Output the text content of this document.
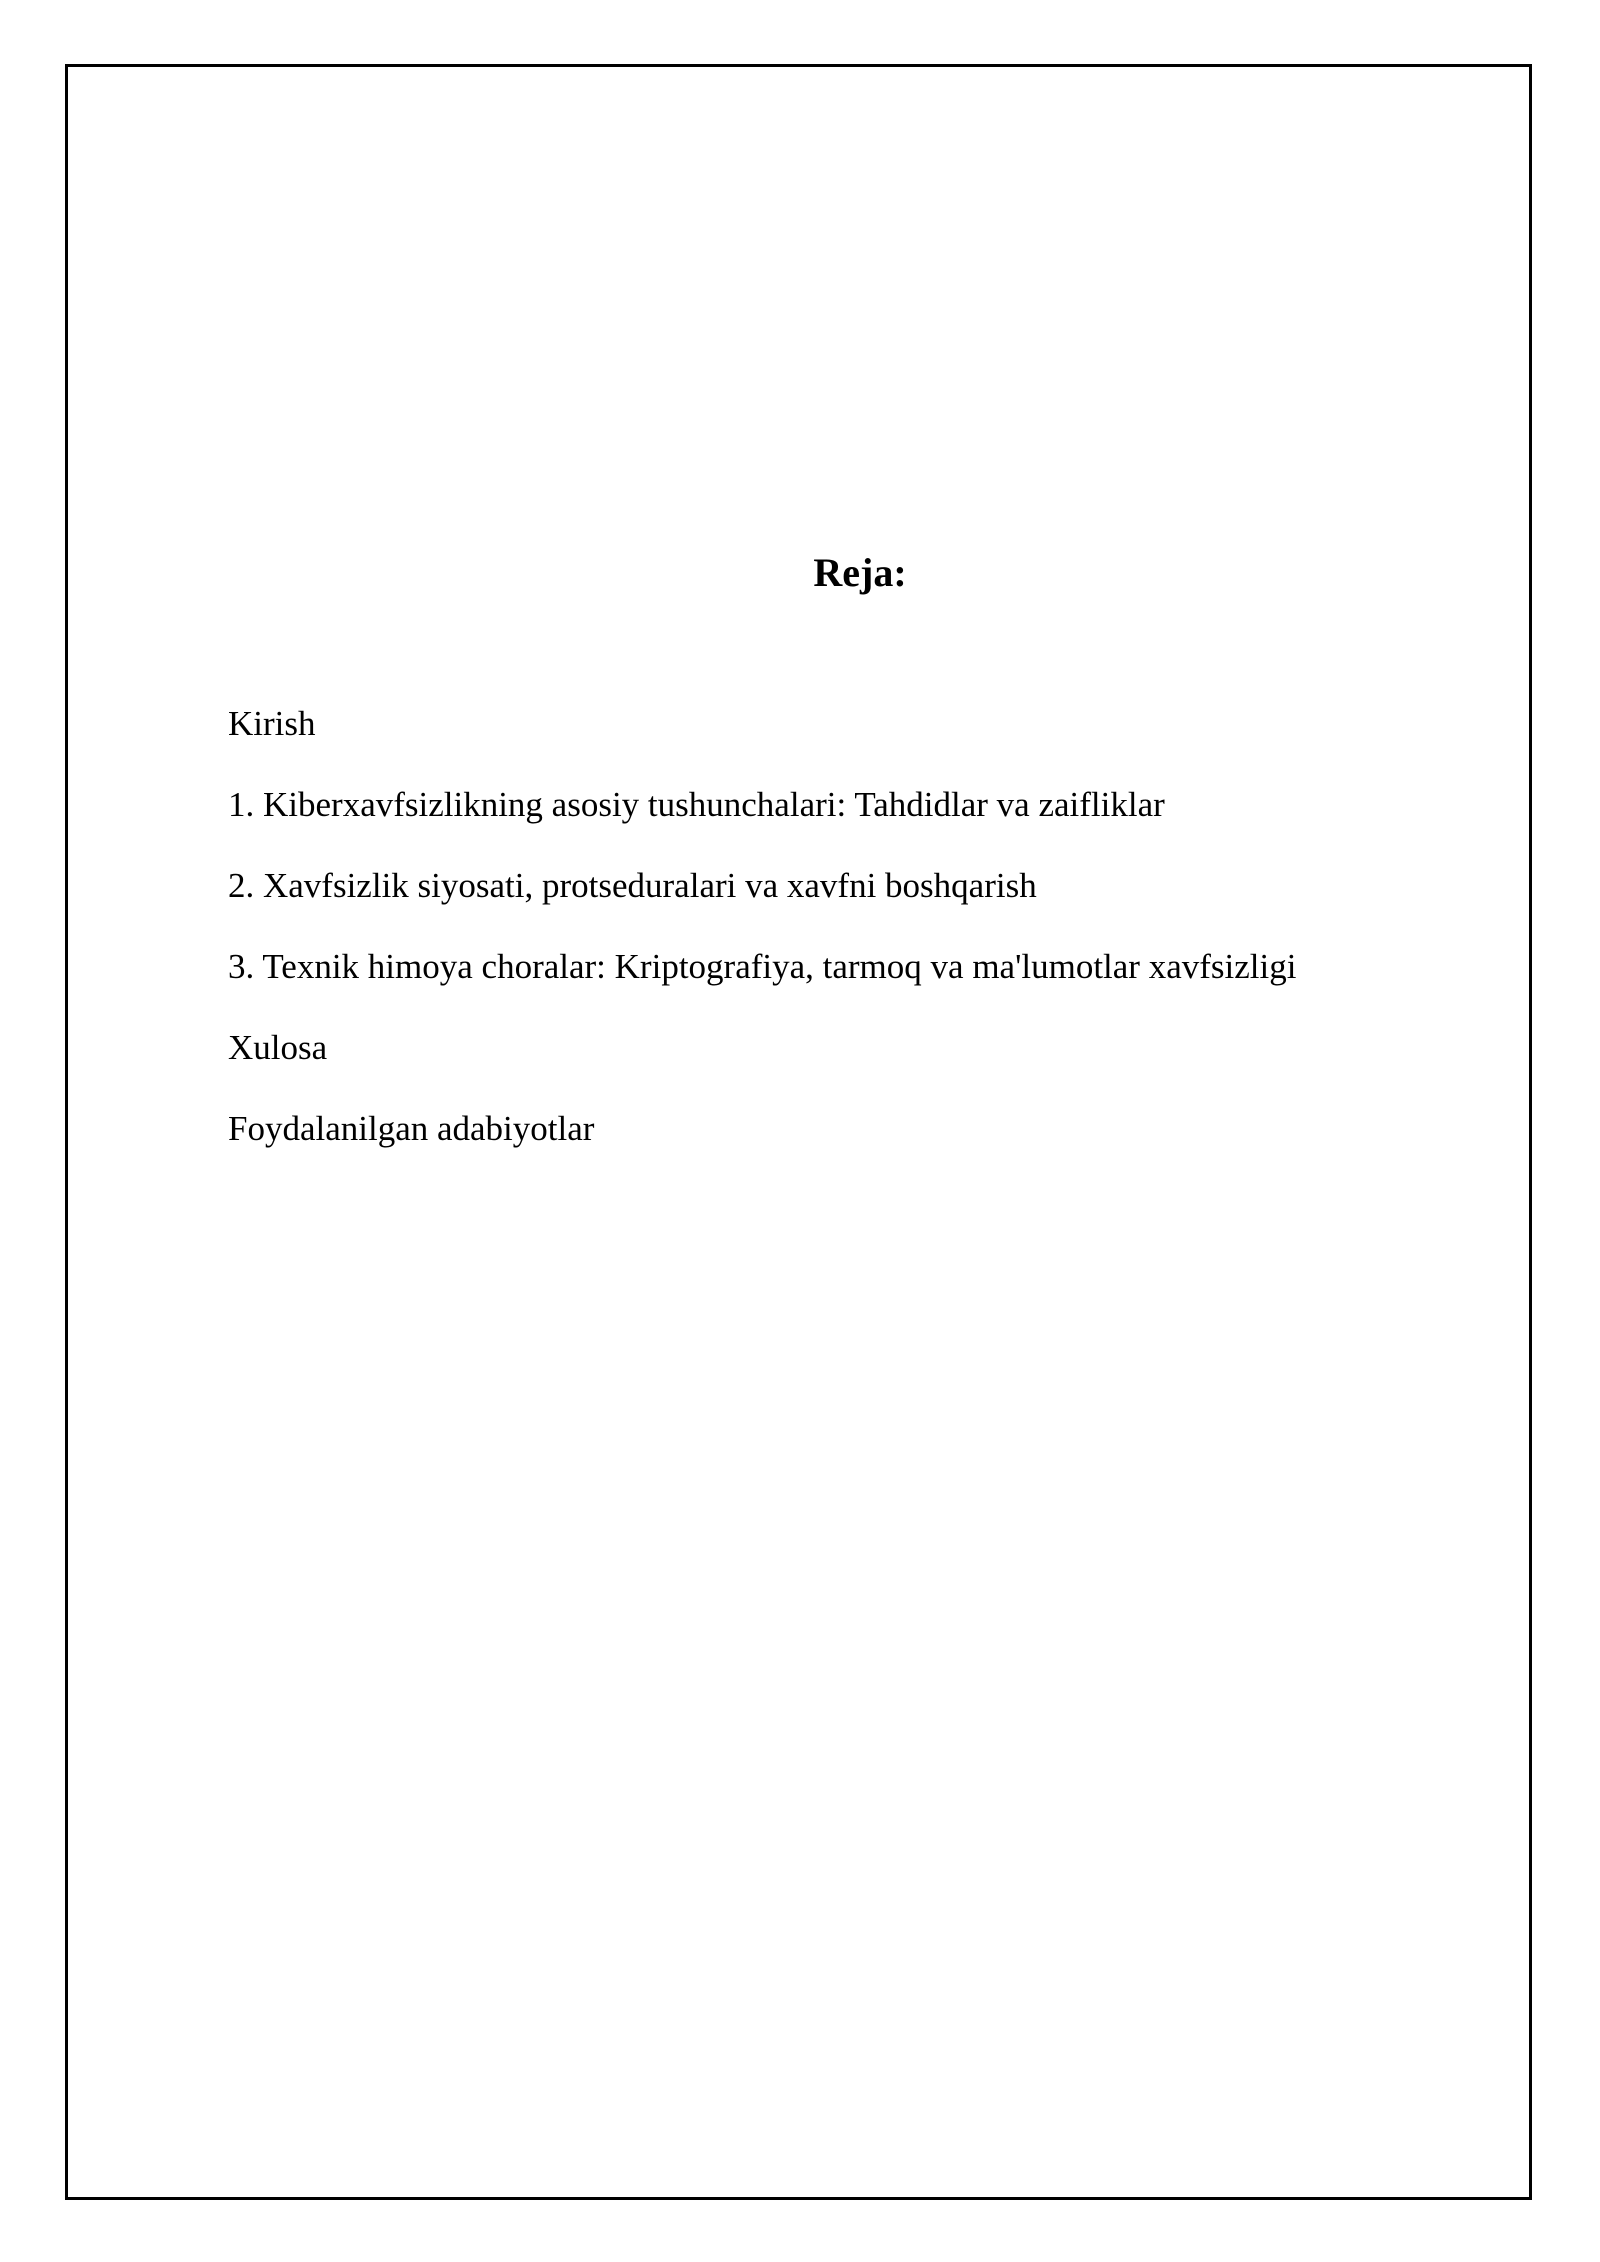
Reja:
Kirish
1. Kiberxavfsizlikning asosiy tushunchalari: Tahdidlar va zaifliklar
2. Xavfsizlik siyosati, protseduralari va xavfni boshqarish
3. Texnik himoya choralar: Kriptografiya, tarmoq va ma'lumotlar xavfsizligi
Xulosa
Foydalanilgan adabiyotlar
